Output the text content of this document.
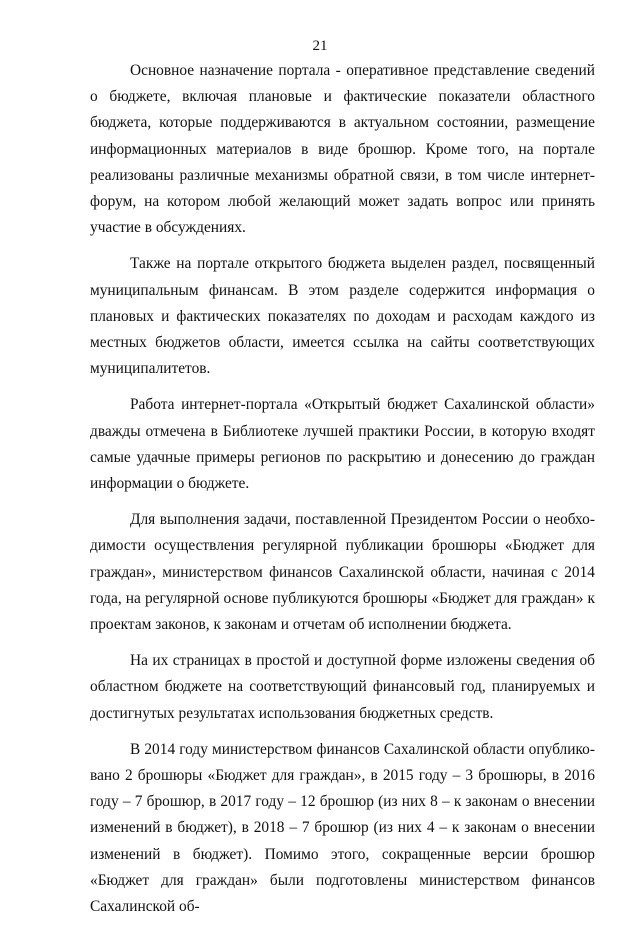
21

Основное назначение портала - оперативное представление сведений о бюджете, включая плановые и фактические показатели областного бюджета, которые поддерживаются в актуальном состоянии, размещение информационных материалов в виде брошюр. Кроме того, на портале реализованы различные механизмы обратной связи, в том числе интернет-форум, на котором любой желающий может задать вопрос или принять участие в обсуждениях.

Также на портале открытого бюджета выделен раздел, посвященный муниципальным финансам. В этом разделе содержится информация о плановых и фактических показателях по доходам и расходам каждого из местных бюджетов области, имеется ссылка на сайты соответствующих муниципалитетов.

Работа интернет-портала «Открытый бюджет Сахалинской области» дважды отмечена в Библиотеке лучшей практики России, в которую входят самые удачные примеры регионов по раскрытию и донесению до граждан информации о бюджете.

Для выполнения задачи, поставленной Президентом России о необходимости осуществления регулярной публикации брошюры «Бюджет для граждан», министерством финансов Сахалинской области, начиная с 2014 года, на регулярной основе публикуются брошюры «Бюджет для граждан» к проектам законов, к законам и отчетам об исполнении бюджета.

На их страницах в простой и доступной форме изложены сведения об областном бюджете на соответствующий финансовый год, планируемых и достигнутых результатах использования бюджетных средств.

В 2014 году министерством финансов Сахалинской области опубликовано 2 брошюры «Бюджет для граждан», в 2015 году – 3 брошюры, в 2016 году – 7 брошюр, в 2017 году – 12 брошюр (из них 8 – к законам о внесении изменений в бюджет), в 2018 – 7 брошюр (из них 4 – к законам о внесении изменений в бюджет). Помимо этого, сокращенные версии брошюр «Бюджет для граждан» были подготовлены министерством финансов Сахалинской об-
